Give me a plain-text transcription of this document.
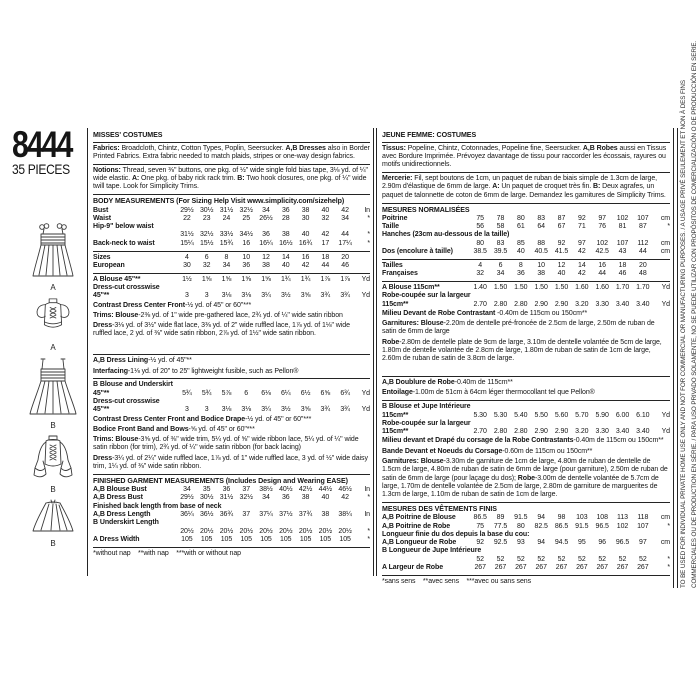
8444
35 PIECES
A
A
B
B
B
MISSES' COSTUMES
Fabrics: Broadcloth, Chintz, Cotton Types, Poplin, Seersucker. A,B Dresses also in Border Printed Fabrics. Extra fabric needed to match plaids, stripes or one-way design fabrics.
Notions: Thread, seven ⅜" buttons, one pkg. of ½" wide single fold bias tape, 3⅛ yd. of ¼" wide elastic. A: One pkg. of baby rick rack trim. B: Two hook closures, one pkg. of ¼" wide twill tape. Look for Simplicity Trims.
BODY MEASUREMENTS (For Sizing Help Visit www.simplicity.com/sizehelp)
Bust	29½ 30½ 31½ 32½	34	36	38	40	42	In
Waist	22	23	24	25	26½	28	30	32	34	*
Hip-9" below waist
31½ 32½ 33½ 34½	36	38	40	42	44	*
Back-neck to waist	15¼ 15½ 15¾	16	16¼ 16½ 16¾	17	17¼	*
Sizes	4	6	8	10	12	14	16	18	20
European	30	32	34	36	38	40	42	44	46
A Blouse 45"**	1½	1⅝	1⅝	1⅝	1⅝	1¾	1¾	1⅞	1⅞	Yd
Dress-cut crosswise
45"**	3	3	3⅛	3⅛	3¼	3½	3⅝	3¾	3¾	Yd
Contrast Dress Center Front-½ yd. of 45" or 60"***
Trims: Blouse-2⅜ yd. of 1" wide pre-gathered lace, 2¾ yd. of ¼" wide satin ribbon
Dress-3⅛ yd. of 3½" wide flat lace, 3⅜ yd. of 2" wide ruffled lace, 1⅞ yd. of 1⅛" wide ruffled lace, 2 yd. of ⅜" wide satin ribbon, 2⅞ yd. of 1½" wide satin ribbon.
A,B Dress Lining-½ yd. of 45"**
Interfacing-1⅛ yd. of 20" to 25" lightweight fusible, such as Pellon®
B Blouse and Underskirt
45"**	5¾	5¾	5⅞	6	6⅛	6¼	6½	6⅝	6¾	Yd
Dress-cut crosswise
45"**	3	3	3⅛	3⅛	3¼	3½	3⅝	3¾	3¾	Yd
Contrast Dress Center Front and Bodice Drape-½ yd. of 45" or 60"***
Bodice Front Band and Bows-⅝ yd. of 45" or 60"***
Trims: Blouse-3⅝ yd. of ⅜" wide trim, 5¼ yd. of ⅝" wide ribbon lace, 5¼ yd. of ¼" wide satin ribbon (for trim), 2¾ yd. of ¼" wide satin ribbon (for back lacing)
Dress-3¼ yd. of 2¼" wide ruffled lace, 1⅞ yd. of 1" wide ruffled lace, 3 yd. of ½" wide daisy trim, 1¼ yd. of ⅜" wide satin ribbon.
FINISHED GARMENT MEASUREMENTS (Includes Design and Wearing EASE)
A,B Blouse Bust	34	35	36	37	38½ 40½ 42½ 44½ 46½	In
A,B Dress Bust	29½ 30½ 31½ 32½	34	36	38	40	42	*
Finished back length from base of neck
A,B Dress Length	36¼ 36½ 36¾	37	37¼ 37½ 37¾	38	38¼	In
B Underskirt Length
20½ 20½ 20½ 20½ 20½ 20½ 20½ 20½ 20½	*
A Dress Width	105	105	105	105	105	105	105	105	105	*
*without nap    **with nap    ***with or without nap
JEUNE FEMME: COSTUMES
Tissus: Popeline, Chintz, Cotonnades, Popeline fine, Seersucker. A,B Robes aussi en Tissus avec Bordure Imprimée. Prévoyez davantage de tissu pour raccorder les écossais, rayures ou motifs unidirectionnels.
Mercerie: Fil, sept boutons de 1cm, un paquet de ruban de biais simple de 1.3cm de large, 2.90m d'élastique de 6mm de large. A: Un paquet de croquet très fin. B: Deux agrafes, un paquet de talonnette de coton de 6mm de large. Demandez les garnitures de Simplicity Trims.
MESURES NORMALISÉES
Poitrine	75	78	80	83	87	92	97	102	107	cm
Taille	56	58	61	64	67	71	76	81	87	*
Hanches (23cm au-dessous de la taille)
80	83	85	88	92	97	102	107	112	cm
Dos (encolure à taille)	38.5	39.5	40	40.5	41.5	42	42.5	43	44	cm
Tailles	4	6	8	10	12	14	16	18	20
Françaises	32	34	36	38	40	42	44	46	48
A Blouse 115cm**	1.40	1.50	1.50	1.50	1.50	1.60	1.60	1.70	1.70	Yd
Robe-coupée sur la largeur
115cm**	2.70	2.80	2.80	2.90	2.90	3.20	3.30	3.40	3.40	Yd
Milieu Devant de Robe Contrastant -0.40m de 115cm ou 150cm**
Garnitures: Blouse-2.20m de dentelle pré-froncée de 2.5cm de large, 2.50m de ruban de satin de 6mm de large
Robe-2.80m de dentelle plate de 9cm de large, 3.10m de dentelle volantée de 5cm de large, 1.80m de dentelle volantée de 2.8cm de large, 1.80m de ruban de satin de 1cm de large, 2.60m de ruban de satin de 3.8cm de large.
A,B Doublure de Robe-0.40m de 115cm**
Entoilage-1.00m de 51cm à 64cm léger thermocollant tel que Pellon®
B Blouse et Jupe Intérieure
115cm**	5.30	5.30	5.40	5.50	5.60	5.70	5.90	6.00	6.10	Yd
Robe-coupée sur la largeur
115cm**	2.70	2.80	2.80	2.90	2.90	3.20	3.30	3.40	3.40	Yd
Milieu devant et Drapé du corsage de la Robe Contrastants-0.40m de 115cm ou 150cm**
Bande Devant et Noeuds du Corsage-0.60m de 115cm ou 150cm**
Garnitures: Blouse-3.30m de garniture de 1cm de large, 4.80m de ruban de dentelle de 1.5cm de large, 4.80m de ruban de satin de 6mm de large (pour garniture), 2.50m de ruban de satin de 6mm de large (pour laçage du dos); Robe-3.00m de dentelle volantée de 5.7cm de large, 1.70m de dentelle volantée de 2.5cm de large, 2.80m de garniture de marguerites de 1.3cm de large, 1.10m de ruban de satin de 1cm de large.
MESURES DES VÊTEMENTS FINIS
A,B Poitrine de Blouse	86.5	89	91.5	94	98	103	108	113	118	cm
A,B Poitrine de Robe	75	77.5	80	82.5	86.5	91.5	96.5	102	107	*
Longueur finie du dos depuis la base du cou:
A,B Longueur de Robe	92	92.5	93	94	94.5	95	96	96.5	97	cm
B Longueur de Jupe Intérieure
52	52	52	52	52	52	52	52	52	*
A Largeur de Robe	267	267	267	267	267	267	267	267	267	*
*sans sens    **avec sens    ***avec ou sans sens	TO BE USED FOR INDIVIDUAL PRIVATE HOME USE ONLY AND NOT FOR COMMERCIAL OR MANUFACTURING PURPOSES. / A USAGE PRIVÉ SEULEMENT ET NON À DES FINS COMMERCIALES OU DE PRODUCTION EN SÉRIE. / PARA USO PRIVADO SOLAMENTE, NO SE PUEDE UTILIZAR CON PROPÓSITOS DE COMERCIALIZACIÓN O DE PRODUCCIÓN EN SERIE.
